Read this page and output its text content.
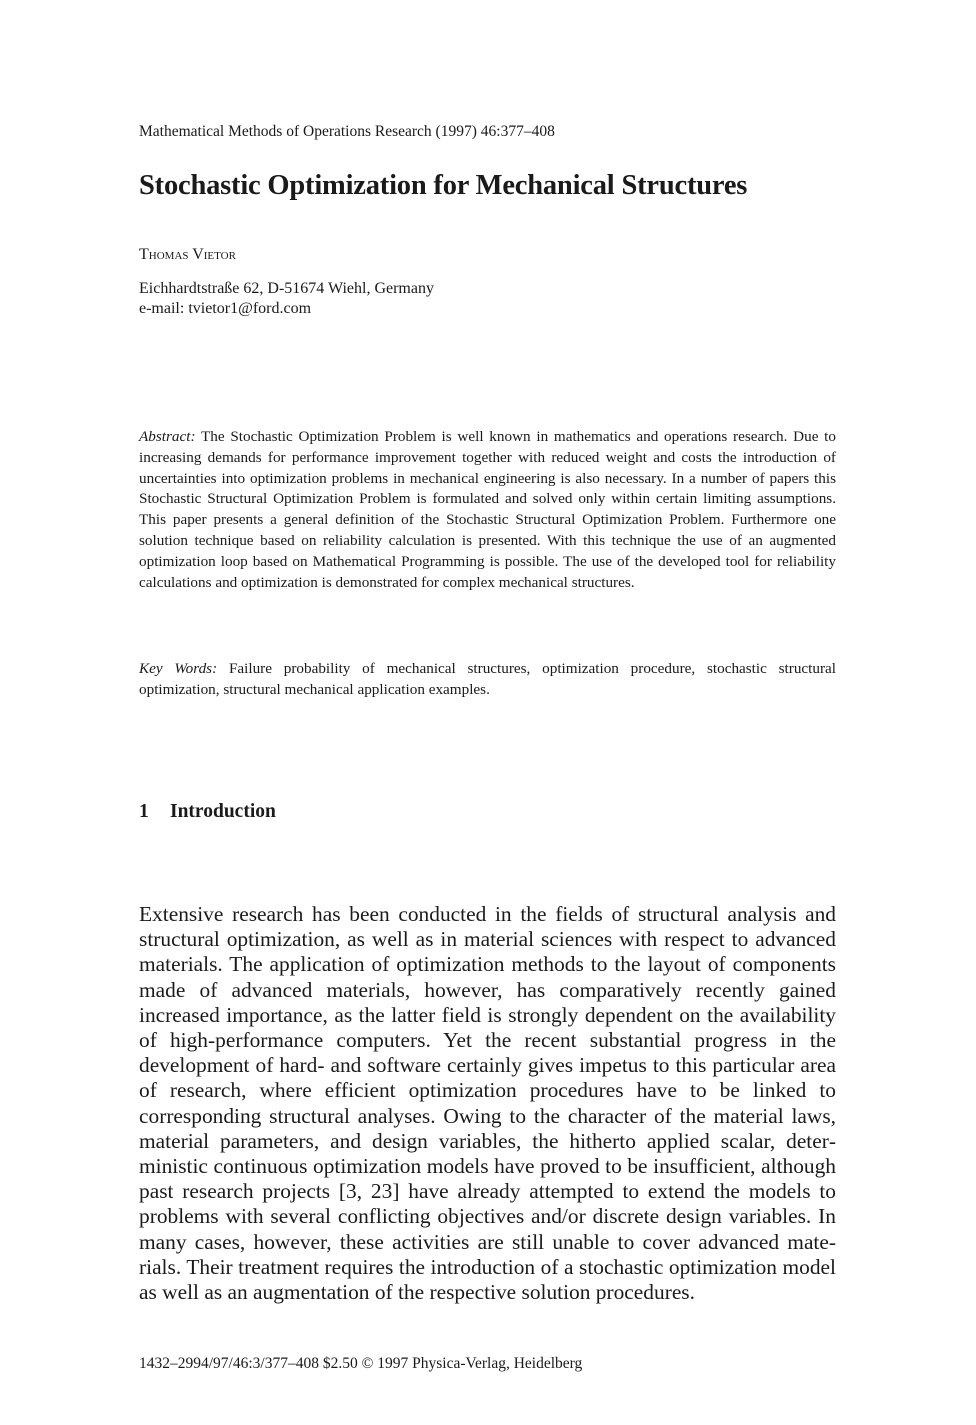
Mathematical Methods of Operations Research (1997) 46:377–408
Stochastic Optimization for Mechanical Structures
Thomas Vietor
Eichhardtstraße 62, D-51674 Wiehl, Germany
e-mail: tvietor1@ford.com

Abstract: The Stochastic Optimization Problem is well known in mathematics and operations research. Due to increasing demands for performance improvement together with reduced weight and costs the introduction of uncertainties into optimization problems in mechanical engineering is also necessary. In a number of papers this Stochastic Structural Optimization Problem is formulated and solved only within certain limiting assumptions. This paper presents a general definition of the Stochastic Structural Optimization Problem. Furthermore one solution technique based on reliability calculation is presented. With this technique the use of an augmented optimization loop based on Mathematical Programming is possible. The use of the developed tool for reliability calculations and optimization is demonstrated for complex mechanical structures.

Key Words: Failure probability of mechanical structures, optimization procedure, stochastic structural optimization, structural mechanical application examples.

1 Introduction

Extensive research has been conducted in the fields of structural analysis and structural optimization, as well as in material sciences with respect to advanced materials. The application of optimization methods to the layout of components made of advanced materials, however, has comparatively recently gained increased importance, as the latter field is strongly dependent on the availability of high-performance computers. Yet the recent substantial progress in the development of hard- and software certainly gives impetus to this particular area of research, where efficient optimization procedures have to be linked to corresponding structural analyses. Owing to the character of the material laws, material parameters, and design variables, the hitherto applied scalar, deterministic continuous optimization models have proved to be insufficient, although past research projects [3, 23] have already attempted to extend the models to problems with several conflicting objectives and/or discrete design variables. In many cases, however, these activities are still unable to cover advanced materials. Their treatment requires the introduction of a stochastic optimization model as well as an augmentation of the respective solution procedures.

1432–2994/97/46:3/377–408 $2.50 © 1997 Physica-Verlag, Heidelberg
